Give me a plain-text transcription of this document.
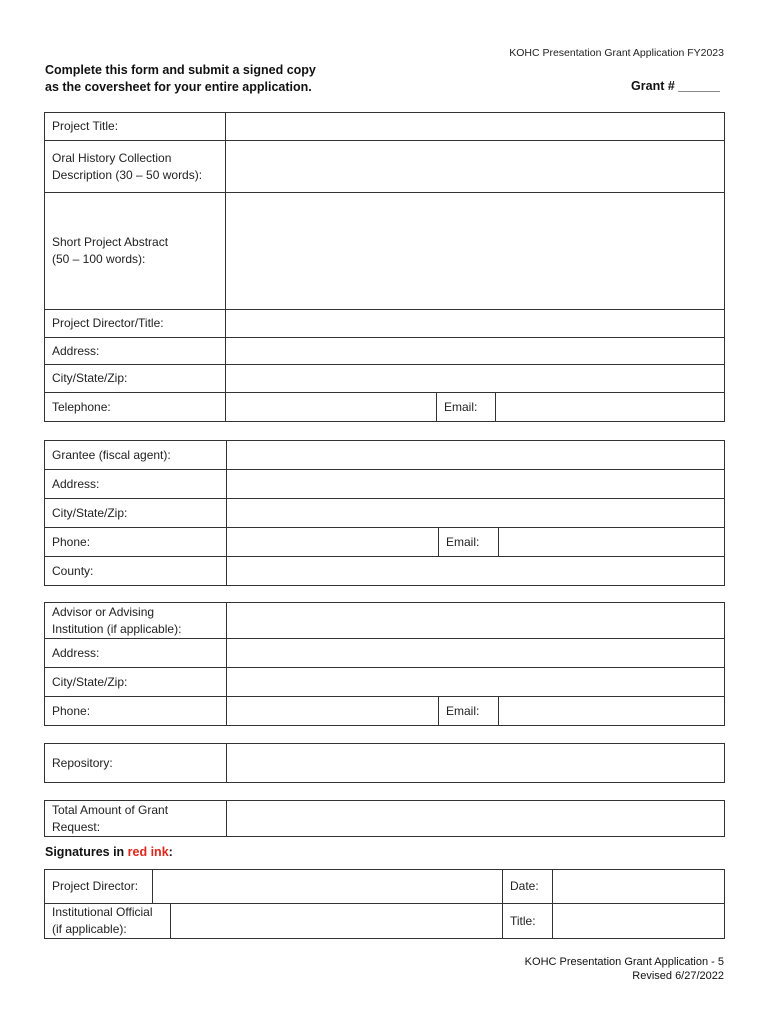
KOHC Presentation Grant Application FY2023
Complete this form and submit a signed copy
as the coversheet for your entire application.	Grant # ______
Project Title:			

Oral History Collection
Description (30 – 50 words):			

Short Project Abstract
(50 – 100 words):			

Project Director/Title:			
Address:			
City/State/Zip:			
Telephone:		Email:	
Grantee (fiscal agent):			
Address:			
City/State/Zip:			
Phone:		Email:	
County:			
Advisor or Advising
Institution (if applicable):			

Address:			
City/State/Zip:			
Phone:		Email:	
Repository:	
Total Amount of Grant
Request:

Signatures in red ink:
Project Director:			Date:	

Institutional Official
(if applicable):			Title:	
KOHC Presentation Grant Application - 5
Revised 6/27/2022
